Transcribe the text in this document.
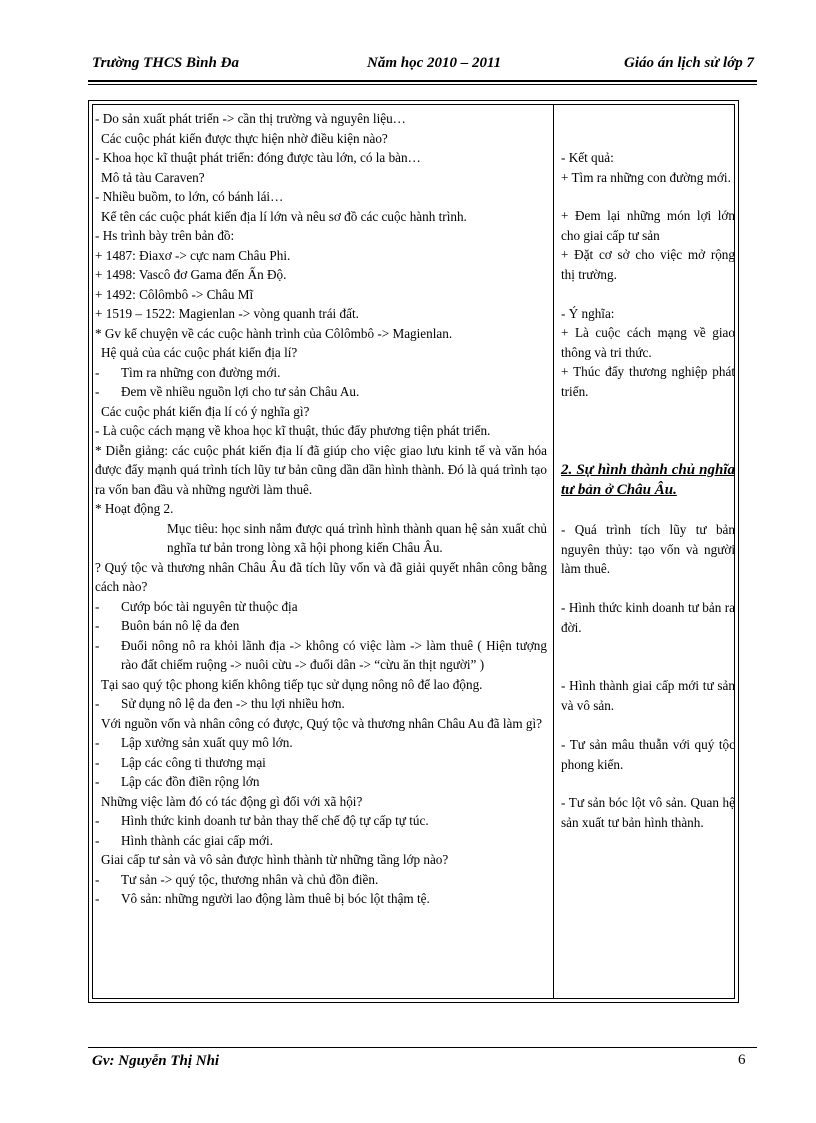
Trường THCS Bình Đa	Năm học 2010 – 2011	Giáo án lịch sử lớp 7
- Do sản xuất phát triển -> cần thị trường và nguyên liệu…
Các cuộc phát kiến được thực hiện nhờ điều kiện nào?
- Khoa học kĩ thuật phát triển: đóng được tàu lớn, có la bàn…
Mô tả tàu Caraven?
- Nhiều buồm, to lớn, có bánh lái…
Kể tên các cuộc phát kiến địa lí lớn và nêu sơ đồ các cuộc hành trình.
- Hs trình bày trên bản đồ:
+ 1487: Điaxơ -> cực nam Châu Phi.
+ 1498: Vascô đơ Gama đến Ấn Độ.
+ 1492: Côlômbô -> Châu Mĩ
+ 1519 – 1522: Magienlan -> vòng quanh trái đất.
* Gv kể chuyện về các cuộc hành trình của Côlômbô -> Magienlan.
Hệ quả của các cuộc phát kiến địa lí?
-	Tìm ra những con đường mới.
-	Đem về nhiều nguồn lợi cho tư sản Châu Au.
Các cuộc phát kiến địa lí có ý nghĩa gì?
- Là cuộc cách mạng về khoa học kĩ thuật, thúc đẩy phương tiện phát triển.
* Diễn giảng: các cuộc phát kiến địa lí đã giúp cho việc giao lưu kinh tế và văn hóa được đẩy mạnh quá trình tích lũy tư bản cũng dần dần hình thành. Đó là quá trình tạo ra vốn ban đầu và những người làm thuê.
* Hoạt động 2.
Mục tiêu: học sinh nắm được quá trình hình thành quan hệ sản xuất chủ nghĩa tư bản trong lòng xã hội phong kiến Châu Âu.
? Quý tộc và thương nhân Châu Âu đã tích lũy vốn và đã giải quyết nhân công bằng cách nào?
-	Cướp bóc tài nguyên từ thuộc địa
-	Buôn bán nô lệ da đen
-	Đuổi nông nô ra khỏi lãnh địa -> không có việc làm -> làm thuê ( Hiện tượng rào đất chiếm ruộng -> nuôi cừu -> đuổi dân -> “cừu ăn thịt người” )
Tại sao quý tộc phong kiến không tiếp tục sử dụng nông nô để lao động.
-	Sử dụng nô lệ da đen -> thu lợi nhiều hơn.
Với nguồn vốn và nhân công có được, Quý tộc và thương nhân Châu Au đã làm gì?
-	Lập xưởng sản xuất quy mô lớn.
-	Lập các công ti thương mại
-	Lập các đồn điền rộng lớn
Những việc làm đó có tác động gì đối với xã hội?
-	Hình thức kinh doanh tư bản thay thế chế độ tự cấp tự túc.
-	Hình thành các giai cấp mới.
Giai cấp tư sản và vô sản được hình thành từ những tầng lớp nào?
-	Tư sản -> quý tộc, thương nhân và chủ đồn điền.
-	Vô sản: những người lao động làm thuê bị bóc lột thậm tệ.
- Kết quả:
+ Tìm ra những con đường mới.
+ Đem lại những món lợi lớn cho giai cấp tư sản
+ Đặt cơ sở cho việc mở rộng thị trường.
- Ý nghĩa:
+ Là cuộc cách mạng về giao thông và tri thức.
+ Thúc đẩy thương nghiệp phát triển.
2. Sự hình thành chủ nghĩa tư bản ở Châu Âu.
- Quá trình tích lũy tư bản nguyên thủy: tạo vốn và người làm thuê.
- Hình thức kinh doanh tư bản ra đời.
- Hình thành giai cấp mới tư sản và vô sản.
- Tư sản mâu thuẫn với quý tộc phong kiến.
- Tư sản bóc lột vô sản. Quan hệ sản xuất tư bản hình thành.
Gv: Nguyễn Thị Nhi	6
